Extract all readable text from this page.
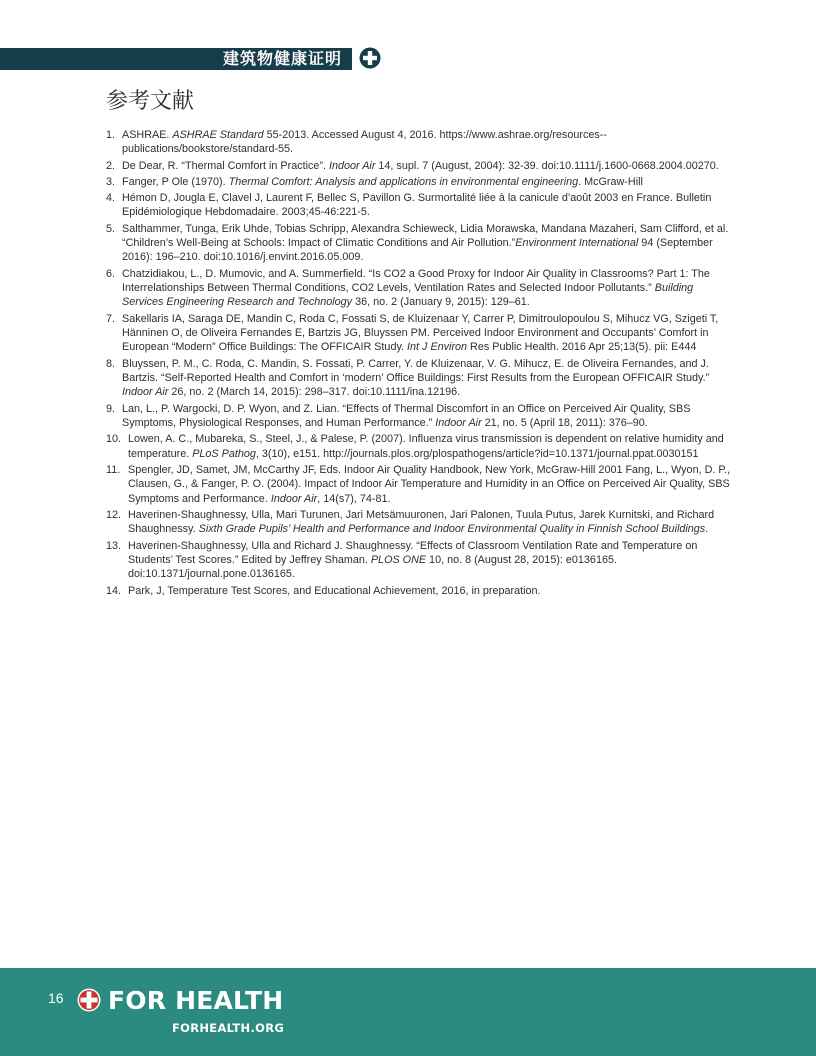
建筑物健康证明
参考文献
1. ASHRAE. ASHRAE Standard 55-2013. Accessed August 4, 2016. https://www.ashrae.org/resources--publications/bookstore/standard-55.
2. De Dear, R. “Thermal Comfort in Practice”. Indoor Air 14, supl. 7 (August, 2004): 32-39. doi:10.1111/j.1600-0668.2004.00270.
3. Fanger, P Ole (1970). Thermal Comfort: Analysis and applications in environmental engineering. McGraw-Hill
4. Hémon D, Jougla E, Clavel J, Laurent F, Bellec S, Pavillon G. Surmortalité liée à la canicule d’août 2003 en France. Bulletin Epidémiologique Hebdomadaire. 2003;45-46:221-5.
5. Salthammer, Tunga, Erik Uhde, Tobias Schripp, Alexandra Schieweck, Lidia Morawska, Mandana Mazaheri, Sam Clifford, et al. “Children’s Well-Being at Schools: Impact of Climatic Conditions and Air Pollution.”Environment International 94 (September 2016): 196–210. doi:10.1016/j.envint.2016.05.009.
6. Chatzidiakou, L., D. Mumovic, and A. Summerfield. “Is CO2 a Good Proxy for Indoor Air Quality in Classrooms? Part 1: The Interrelationships Between Thermal Conditions, CO2 Levels, Ventilation Rates and Selected Indoor Pollutants.” Building Services Engineering Research and Technology 36, no. 2 (January 9, 2015): 129–61.
7. Sakellaris IA, Saraga DE, Mandin C, Roda C, Fossati S, de Kluizenaar Y, Carrer P, Dimitroulopoulou S, Mihucz VG, Szigeti T, Hänninen O, de Oliveira Fernandes E, Bartzis JG, Bluyssen PM. Perceived Indoor Environment and Occupants’ Comfort in European “Modern” Office Buildings: The OFFICAIR Study. Int J Environ Res Public Health. 2016 Apr 25;13(5). pii: E444
8. Bluyssen, P. M., C. Roda, C. Mandin, S. Fossati, P. Carrer, Y. de Kluizenaar, V. G. Mihucz, E. de Oliveira Fernandes, and J. Bartzis. “Self-Reported Health and Comfort in ‘modern’ Office Buildings: First Results from the European OFFICAIR Study.” Indoor Air 26, no. 2 (March 14, 2015): 298–317. doi:10.1111/ina.12196.
9. Lan, L., P. Wargocki, D. P. Wyon, and Z. Lian. “Effects of Thermal Discomfort in an Office on Perceived Air Quality, SBS Symptoms, Physiological Responses, and Human Performance.” Indoor Air 21, no. 5 (April 18, 2011): 376–90.
10. Lowen, A. C., Mubareka, S., Steel, J., & Palese, P. (2007). Influenza virus transmission is dependent on relative humidity and temperature. PLoS Pathog, 3(10), e151. http://journals.plos.org/plospathogens/article?id=10.1371/journal.ppat.0030151
11. Spengler, JD, Samet, JM, McCarthy JF, Eds. Indoor Air Quality Handbook, New York, McGraw-Hill 2001 Fang, L., Wyon, D. P., Clausen, G., & Fanger, P. O. (2004). Impact of Indoor Air Temperature and Humidity in an Office on Perceived Air Quality, SBS Symptoms and Performance. Indoor Air, 14(s7), 74-81.
12. Haverinen-Shaughnessy, Ulla, Mari Turunen, Jari Metsämuuronen, Jari Palonen, Tuula Putus, Jarek Kurnitski, and Richard Shaughnessy. Sixth Grade Pupils’ Health and Performance and Indoor Environmental Quality in Finnish School Buildings.
13. Haverinen-Shaughnessy, Ulla and Richard J. Shaughnessy. “Effects of Classroom Ventilation Rate and Temperature on Students’ Test Scores.” Edited by Jeffrey Shaman. PLOS ONE 10, no. 8 (August 28, 2015): e0136165. doi:10.1371/journal.pone.0136165.
14. Park, J, Temperature Test Scores, and Educational Achievement, 2016, in preparation.
16 FOR HEALTH
FORHEALTH.ORG
